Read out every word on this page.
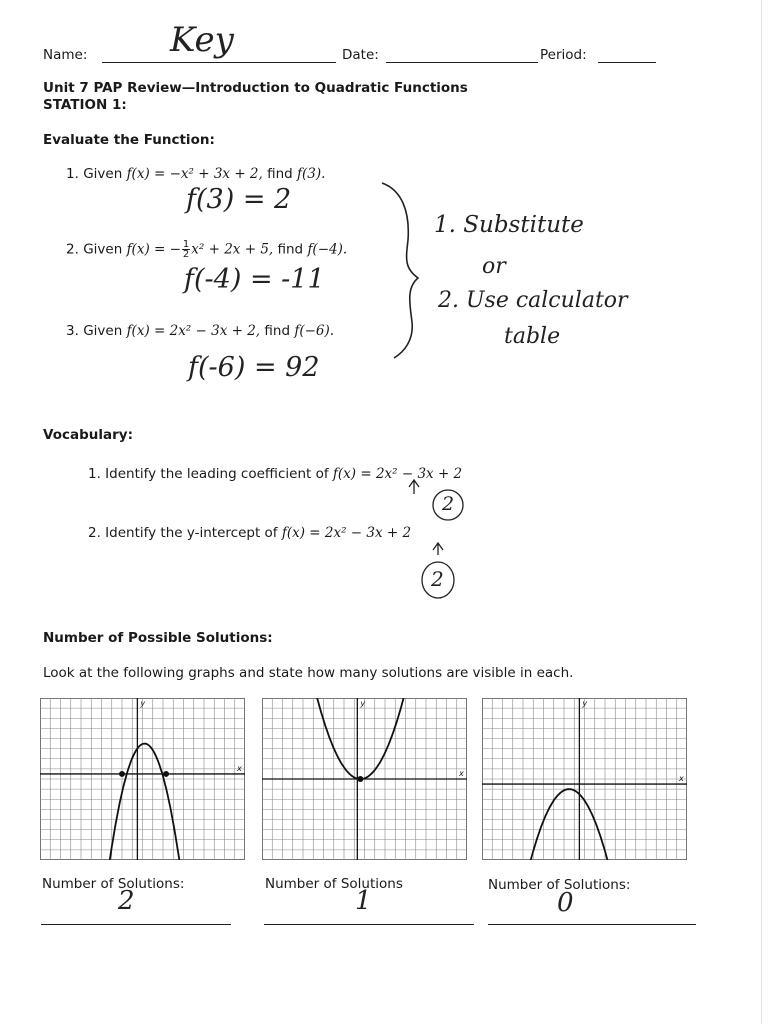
Name: Key	Date:	Period:
Unit 7 PAP Review—Introduction to Quadratic Functions
STATION 1:
Evaluate the Function:
1. Given f(x) = −x² + 3x + 2, find f(3).
f(3) = 2
2. Given f(x) = − $\frac{1}{2} x^2 + 2x + 5$, find f(−4).
f(-4) = -11
3. Given f(x) = 2x² − 3x + 2, find f(−6).
f(-6) = 92
1. Substitute
or
2. Use calculator
table
Vocabulary:
1. Identify the leading coefficient of f(x) = 2x² − 3x + 2
2
2. Identify the y-intercept of f(x) = 2x² − 3x + 2
2
Number of Possible Solutions:
Look at the following graphs and state how many solutions are visible in each.
x
y
x
y
x
y
Number of Solutions:
2
Number of Solutions
1
Number of Solutions:
0
